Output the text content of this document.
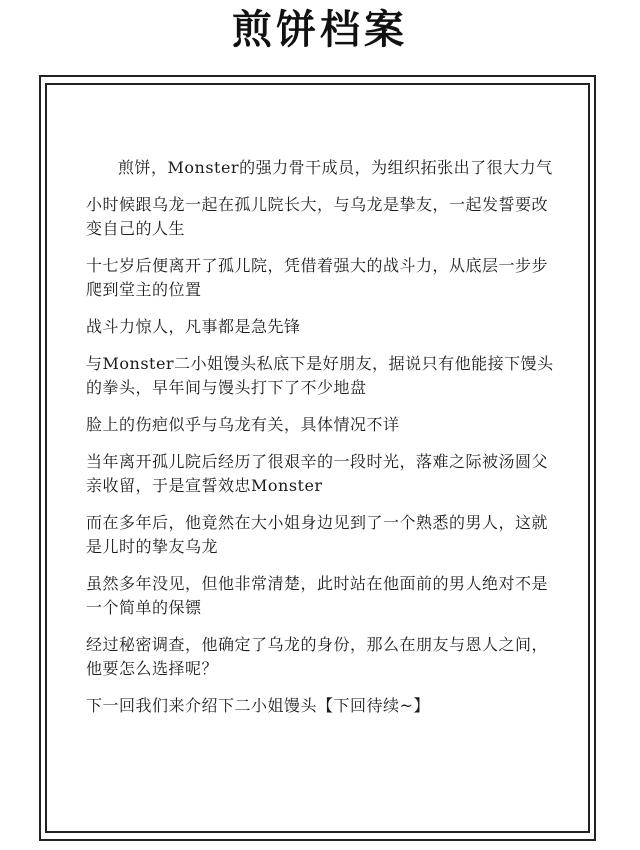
煎饼档案

煎饼，Monster的强力骨干成员，为组织拓张出了很大力气

小时候跟乌龙一起在孤儿院长大，与乌龙是挚友，一起发誓要改变自己的人生

十七岁后便离开了孤儿院，凭借着强大的战斗力，从底层一步步爬到堂主的位置

战斗力惊人，凡事都是急先锋

与Monster二小姐馒头私底下是好朋友，据说只有他能接下馒头的拳头，早年间与馒头打下了不少地盘

脸上的伤疤似乎与乌龙有关，具体情况不详

当年离开孤儿院后经历了很艰辛的一段时光，落难之际被汤圆父亲收留，于是宣誓效忠Monster

而在多年后，他竟然在大小姐身边见到了一个熟悉的男人，这就是儿时的挚友乌龙

虽然多年没见，但他非常清楚，此时站在他面前的男人绝对不是一个简单的保镖

经过秘密调查，他确定了乌龙的身份，那么在朋友与恩人之间，他要怎么选择呢？

下一回我们来介绍下二小姐馒头【下回待续~】
